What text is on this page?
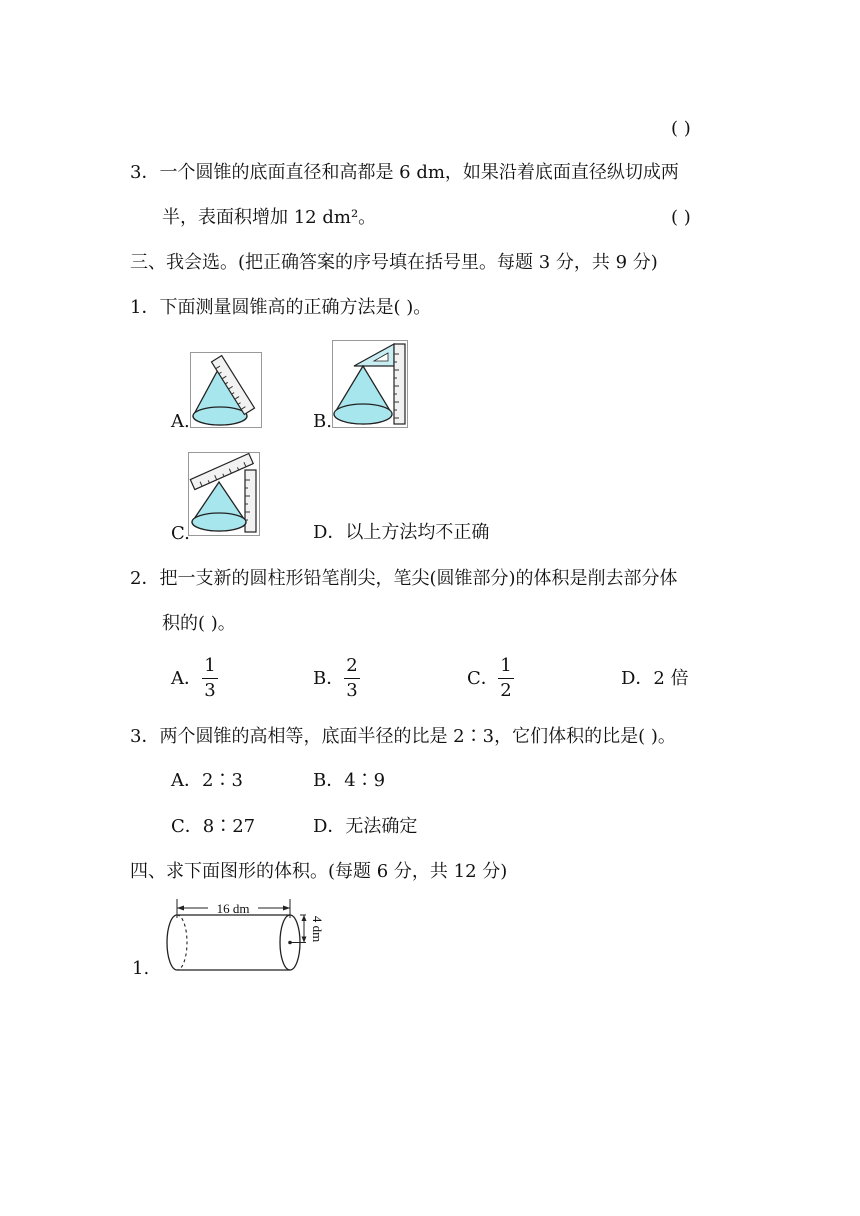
( )
3．一个圆锥的底面直径和高都是 6 dm，如果沿着底面直径纵切成两
半，表面积增加 12 dm²。	( )
三、我会选。(把正确答案的序号填在括号里。每题 3 分，共 9 分)
1．下面测量圆锥高的正确方法是( )。
A.	B.
C.	D．以上方法均不正确
2．把一支新的圆柱形铅笔削尖，笔尖(圆锥部分)的体积是削去部分体
积的( )。
A．
1
3
B．
2
3
C．
1
2
D．2 倍
3．两个圆锥的高相等，底面半径的比是 2∶3，它们体积的比是( )。
A．2∶3	B．4∶9
C．8∶27	D．无法确定
四、求下面图形的体积。(每题 6 分，共 12 分)
1.
16 dm
4 dm
